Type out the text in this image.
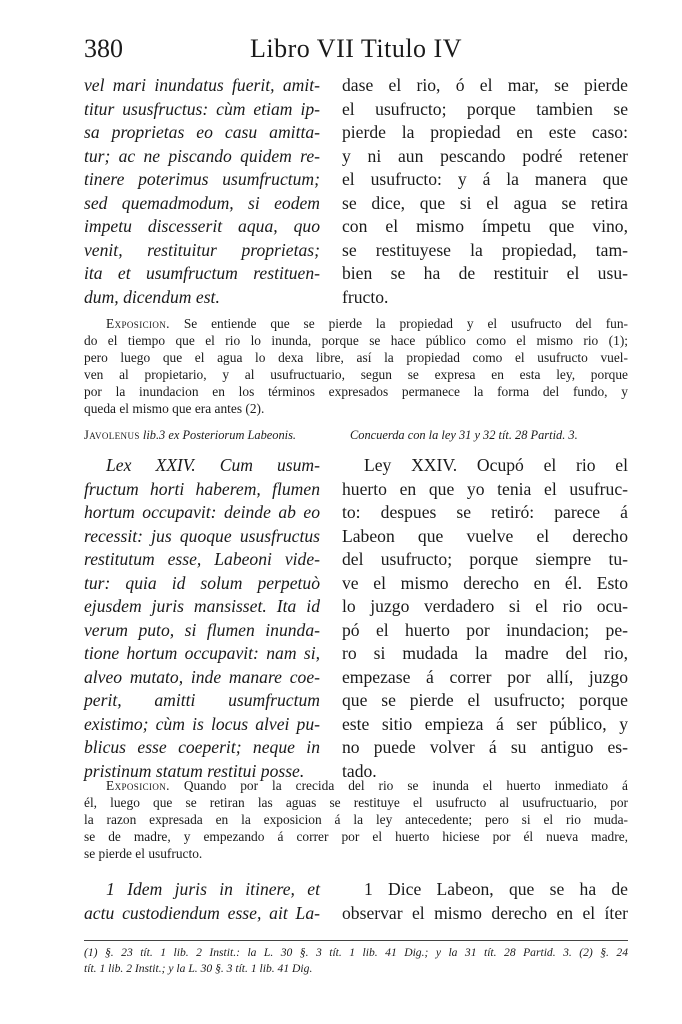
380	Libro VII Titulo IV
vel mari inundatus fuerit, amit-
titur ususfructus: cùm etiam ip-
sa proprietas eo casu amitta-
tur; ac ne piscando quidem re-
tinere poterimus usumfructum;
sed quemadmodum, si eodem
impetu discesserit aqua, quo
venit, restituitur proprietas;
ita et usumfructum restituen-
dum, dicendum est.
dase el rio, ó el mar, se pierde
el usufructo; porque tambien se
pierde la propiedad en este caso:
y ni aun pescando podré retener
el usufructo: y á la manera que
se dice, que si el agua se retira
con el mismo ímpetu que vino,
se restituyese la propiedad, tam-
bien se ha de restituir el usu-
fructo.
Exposicion. Se entiende que se pierde la propiedad y el usufructo del fun-
do el tiempo que el rio lo inunda, porque se hace público como el mismo rio (1);
pero luego que el agua lo dexa libre, así la propiedad como el usufructo vuel-
ven al propietario, y al usufructuario, segun se expresa en esta ley, porque
por la inundacion en los términos expresados permanece la forma del fundo, y
queda el mismo que era antes (2).
Javolenus lib.3 ex Posteriorum Labeonis.	Concuerda con la ley 31 y 32 tít. 28 Partid. 3.
Lex XXIV. Cum usum-
fructum horti haberem, flumen
hortum occupavit: deinde ab eo
recessit: jus quoque ususfructus
restitutum esse, Labeoni vide-
tur: quia id solum perpetuò
ejusdem juris mansisset. Ita id
verum puto, si flumen inunda-
tione hortum occupavit: nam si,
alveo mutato, inde manare coe-
perit, amitti usumfructum
existimo; cùm is locus alvei pu-
blicus esse coeperit; neque in
pristinum statum restitui posse.
Ley XXIV. Ocupó el rio el
huerto en que yo tenia el usufruc-
to: despues se retiró: parece á
Labeon que vuelve el derecho
del usufructo; porque siempre tu-
ve el mismo derecho en él. Esto
lo juzgo verdadero si el rio ocu-
pó el huerto por inundacion; pe-
ro si mudada la madre del rio,
empezase á correr por allí, juzgo
que se pierde el usufructo; porque
este sitio empieza á ser público, y
no puede volver á su antiguo es-
tado.
Exposicion. Quando por la crecida del rio se inunda el huerto inmediato á
él, luego que se retiran las aguas se restituye el usufructo al usufructuario, por
la razon expresada en la exposicion á la ley antecedente; pero si el rio muda-
se de madre, y empezando á correr por el huerto hiciese por él nueva madre,
se pierde el usufructo.
1 Idem juris in itinere, et
actu custodiendum esse, ait La-
1 Dice Labeon, que se ha de
observar el mismo derecho en el íter
(1) §. 23 tít. 1 lib. 2 Instit.: la L. 30 §. 3 tít. 1 lib. 41 Dig.; y la 31 tít. 28 Partid. 3. (2) §. 24
tít. 1 lib. 2 Instit.; y la L. 30 §. 3 tít. 1 lib. 41 Dig.
